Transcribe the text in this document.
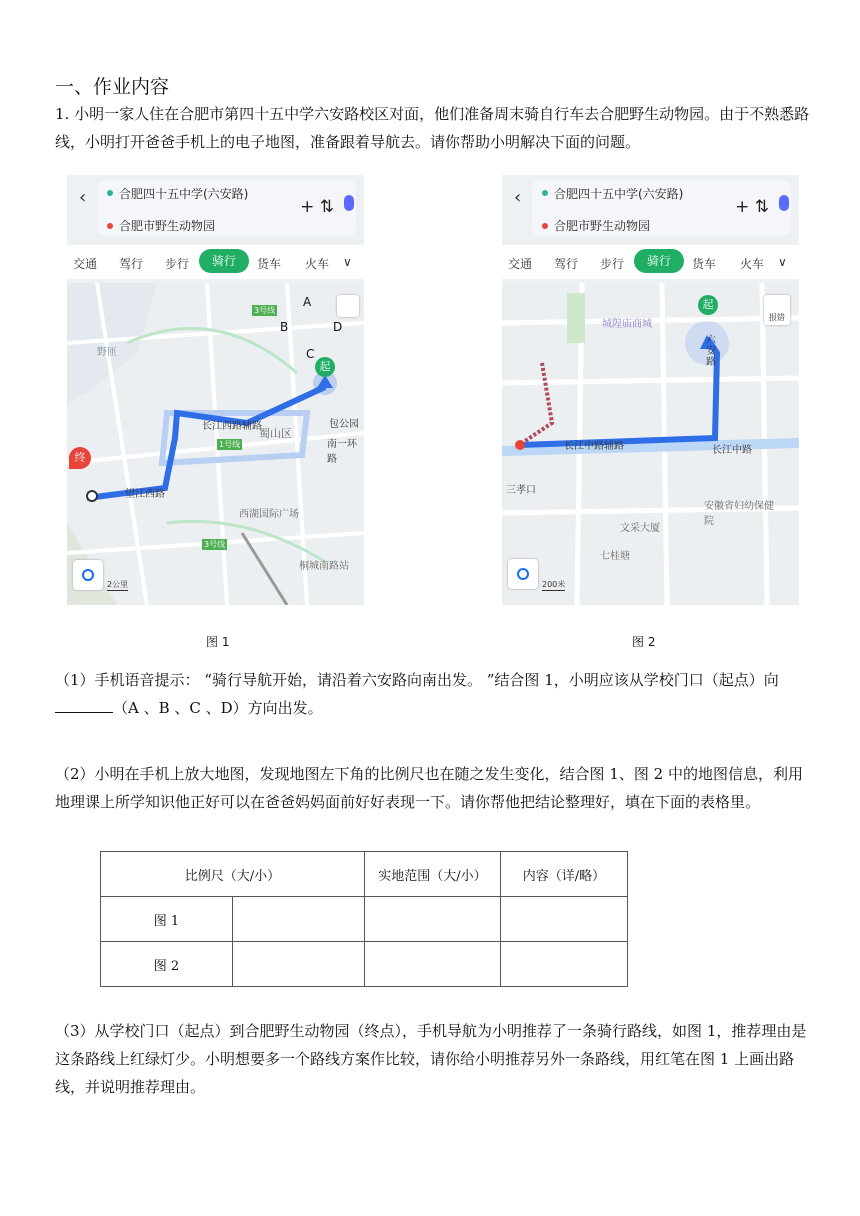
一、作业内容
1. 小明一家人住在合肥市第四十五中学六安路校区对面，他们准备周末骑自行车去合肥野生动物园。由于不熟悉路线，小明打开爸爸手机上的电子地图，准备跟着导航去。请你帮助小明解决下面的问题。
‹	合肥四十五中学(六安路)
合肥市野生动物园
+ ⇅
交通 驾行 步行	骑行	货车 火车 ∨
A
B
C
D
起
终
野匝
长江西路辅路
蜀山区
望江西路
包公园
南一环路
西湖国际广场
桐城南路站
3号线
1号线
3号线
2公里
图 1
‹	合肥四十五中学(六安路)
合肥市野生动物园
+ ⇅
交通 驾行 步行	骑行	货车 火车 ∨
起
城隍庙商城
六安路
长江中路辅路	长江中路
三孝口
文采大厦
安徽省妇幼保健院
七桂塘
报错
200米
图 2
（1）手机语音提示： “骑行导航开始，请沿着六安路向南出发。 ”结合图 1，小明应该从学校门口（起点）向（A 、B 、C 、D）方向出发。
（2）小明在手机上放大地图，发现地图左下角的比例尺也在随之发生变化，结合图 1、图 2 中的地图信息，利用地理课上所学知识他正好可以在爸爸妈妈面前好好表现一下。请你帮他把结论整理好，填在下面的表格里。
比例尺（大/小）		实地范围（大/小）	内容（详/略）
图 1			
图 2			
（3）从学校门口（起点）到合肥野生动物园（终点），手机导航为小明推荐了一条骑行路线，如图 1，推荐理由是这条路线上红绿灯少。小明想要多一个路线方案作比较，请你给小明推荐另外一条路线，用红笔在图 1 上画出路线，并说明推荐理由。
